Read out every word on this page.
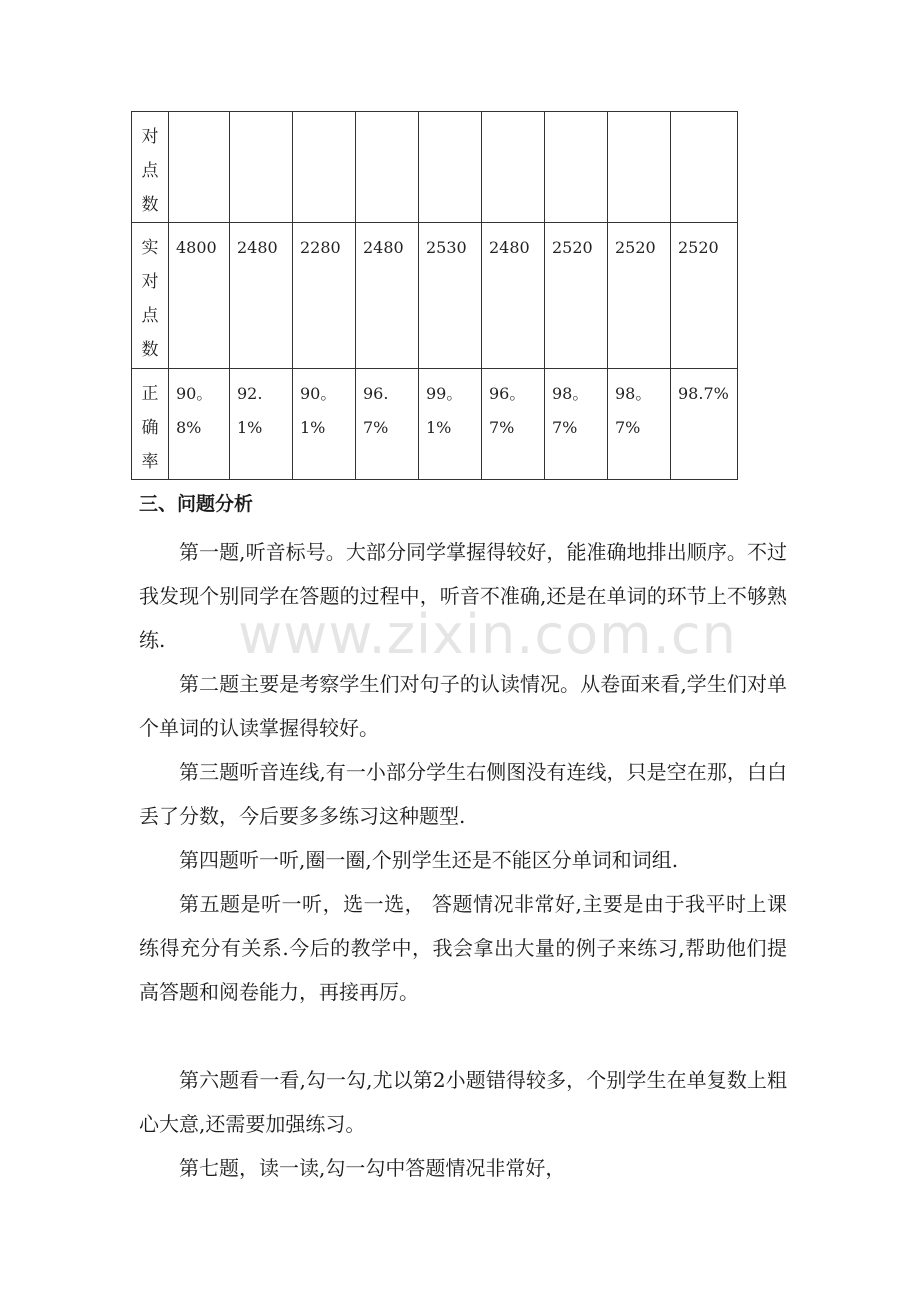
对点数									

实对点数	4800	2480	2280	2480	2530	2480	2520	2520	2520

正确率	90。8%	92.1%	90。1%	96.7%	99。1%	96。7%	98。7%	98。7%	98.7%
三、问题分析

第一题,听音标号。大部分同学掌握得较好，能准确地排出顺序。不过我发现个别同学在答题的过程中，听音不准确,还是在单词的环节上不够熟练.

第二题主要是考察学生们对句子的认读情况。从卷面来看,学生们对单个单词的认读掌握得较好。

第三题听音连线,有一小部分学生右侧图没有连线，只是空在那，白白丢了分数，今后要多多练习这种题型.

第四题听一听,圈一圈,个别学生还是不能区分单词和词组.

第五题是听一听，选一选， 答题情况非常好,主要是由于我平时上课练得充分有关系.今后的教学中，我会拿出大量的例子来练习,帮助他们提高答题和阅卷能力，再接再厉。

第六题看一看,勾一勾,尤以第2小题错得较多，个别学生在单复数上粗心大意,还需要加强练习。

第七题，读一读,勾一勾中答题情况非常好，

www.zixin.com.cn
